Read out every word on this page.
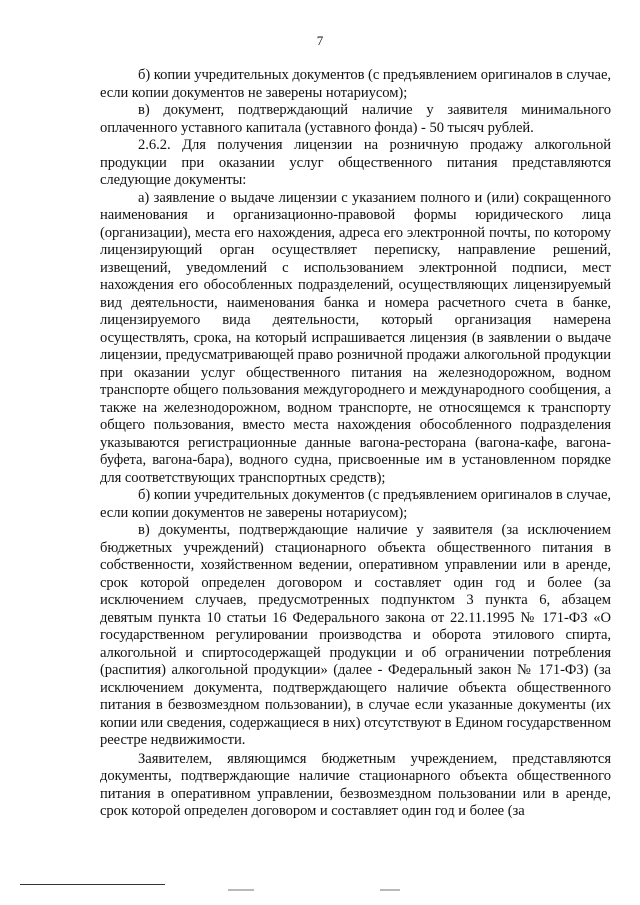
7

б) копии учредительных документов (с предъявлением оригиналов в случае, если копии документов не заверены нотариусом);

в) документ, подтверждающий наличие у заявителя минимального оплаченного уставного капитала (уставного фонда) - 50 тысяч рублей.

2.6.2. Для получения лицензии на розничную продажу алкогольной продукции при оказании услуг общественного питания представляются следующие документы:

а) заявление о выдаче лицензии с указанием полного и (или) сокращенного наименования и организационно-правовой формы юридического лица (организации), места его нахождения, адреса его электронной почты, по которому лицензирующий орган осуществляет переписку, направление решений, извещений, уведомлений с использованием электронной подписи, мест нахождения его обособленных подразделений, осуществляющих лицензируемый вид деятельности, наименования банка и номера расчетного счета в банке, лицензируемого вида деятельности, который организация намерена осуществлять, срока, на который испрашивается лицензия (в заявлении о выдаче лицензии, предусматривающей право розничной продажи алкогольной продукции при оказании услуг общественного питания на железнодорожном, водном транспорте общего пользования междугороднего и международного сообщения, а также на железнодорожном, водном транспорте, не относящемся к транспорту общего пользования, вместо места нахождения обособленного подразделения указываются регистрационные данные вагона-ресторана (вагона-кафе, вагона-буфета, вагона-бара), водного судна, присвоенные им в установленном порядке для соответствующих транспортных средств);

б) копии учредительных документов (с предъявлением оригиналов в случае, если копии документов не заверены нотариусом);

в) документы, подтверждающие наличие у заявителя (за исключением бюджетных учреждений) стационарного объекта общественного питания в собственности, хозяйственном ведении, оперативном управлении или в аренде, срок которой определен договором и составляет один год и более (за исключением случаев, предусмотренных подпунктом 3 пункта 6, абзацем девятым пункта 10 статьи 16 Федерального закона от 22.11.1995 № 171-ФЗ «О государственном регулировании производства и оборота этилового спирта, алкогольной и спиртосодержащей продукции и об ограничении потребления (распития) алкогольной продукции» (далее - Федеральный закон № 171-ФЗ) (за исключением документа, подтверждающего наличие объекта общественного питания в безвозмездном пользовании), в случае если указанные документы (их копии или сведения, содержащиеся в них) отсутствуют в Едином государственном реестре недвижимости.

Заявителем, являющимся бюджетным учреждением, представляются документы, подтверждающие наличие стационарного объекта общественного питания в оперативном управлении, безвозмездном пользовании или в аренде, срок которой определен договором и составляет один год и более (за
